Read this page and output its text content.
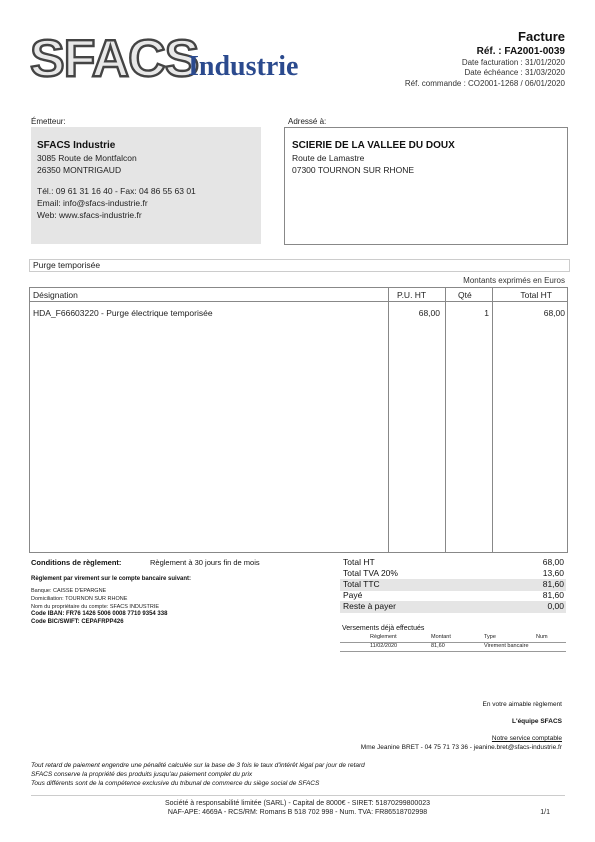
SFACS
Industrie
Facture
Réf. : FA2001-0039
Date facturation : 31/01/2020
Date échéance : 31/03/2020
Réf. commande : CO2001-1268 / 06/01/2020
Émetteur:	Adressé à:
SFACS Industrie
3085 Route de Montfalcon
26350 MONTRIGAUD
Tél.: 09 61 31 16 40 - Fax: 04 86 55 63 01
Email: info@sfacs-industrie.fr
Web: www.sfacs-industrie.fr
SCIERIE DE LA VALLEE DU DOUX
Route de Lamastre
07300 TOURNON SUR RHONE
Purge temporisée
Montants exprimés en Euros
Désignation	P.U. HT	Qté	Total HT
HDA_F66603220 - Purge électrique temporisée	68,00	1	68,00
Conditions de règlement:	Règlement à 30 jours fin de mois
Règlement par virement sur le compte bancaire suivant:
Banque: CAISSE D'EPARGNE
Domiciliation: TOURNON SUR RHONE
Nom du propriétaire du compte: SFACS INDUSTRIE
Code IBAN: FR76 1426 5006 0008 7710 9354 338
Code BIC/SWIFT: CEPAFRPP426
Total HT	68,00
Total TVA 20%	13,60
Total TTC	81,60
Payé	81,60
Reste à payer	0,00
Versements déjà effectués
Règlement	Montant	Type	Num
11/02/2020	81,60	Virement bancaire
En votre aimable règlement
L'équipe SFACS
Notre service comptable
Mme Jeanine BRET - 04 75 71 73 36 - jeanine.bret@sfacs-industrie.fr
Tout retard de paiement engendre une pénalité calculée sur la base de 3 fois le taux d'intérêt légal par jour de retard
SFACS conserve la propriété des produits jusqu'au paiement complet du prix
Tous différents sont de la compétence exclusive du tribunal de commerce du siège social de SFACS
Société à responsabilité limitée (SARL) - Capital de 8000€ - SIRET: 51870299800023
NAF-APE: 4669A - RCS/RM: Romans B 518 702 998 - Num. TVA: FR86518702998	1/1
